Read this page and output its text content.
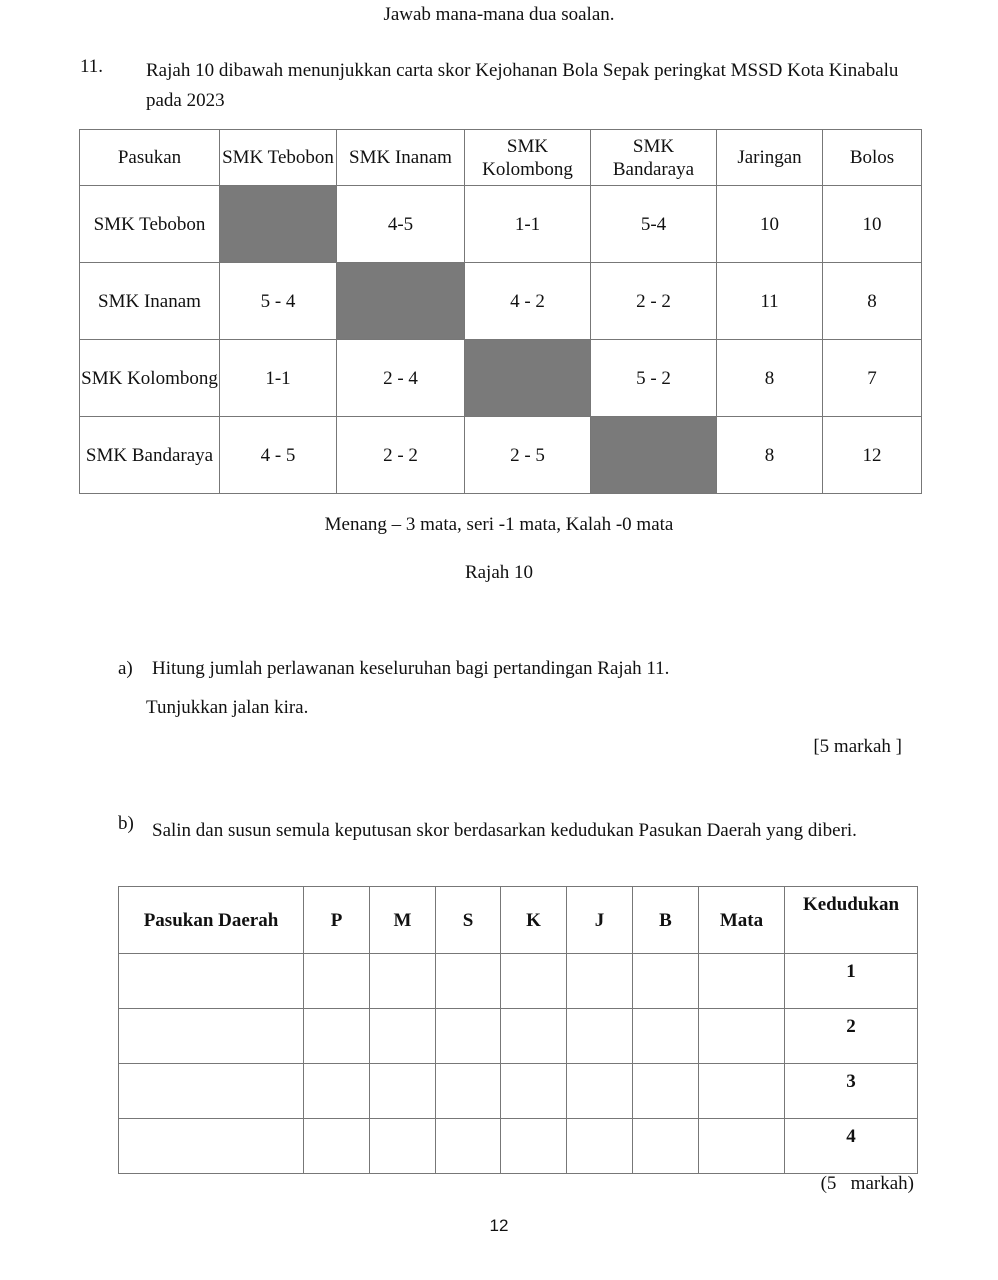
Jawab mana-mana dua soalan.
11. Rajah 10 dibawah menunjukkan carta skor Kejohanan Bola Sepak peringkat MSSD Kota Kinabalu pada 2023
Pasukan	SMK Tebobon	SMK Inanam	SMK Kolombong	SMK Bandaraya	Jaringan	Bolos
SMK Tebobon		4-5	1-1	5-4	10	10
SMK Inanam	5 - 4		4 - 2	2 - 2	11	8
SMK Kolombong	1-1	2 - 4		5 - 2	8	7
SMK Bandaraya	4 - 5	2 - 2	2 - 5		8	12
Menang – 3 mata, seri -1 mata, Kalah -0 mata
Rajah 10
a) Hitung jumlah perlawanan keseluruhan bagi pertandingan Rajah 11.
Tunjukkan jalan kira.
[5 markah ]
b) Salin dan susun semula keputusan skor berdasarkan kedudukan Pasukan Daerah yang diberi.
Pasukan Daerah	P	M	S	K	J	B	Mata	Kedudukan
								1
								2
								3
								4
(5   markah)
12
